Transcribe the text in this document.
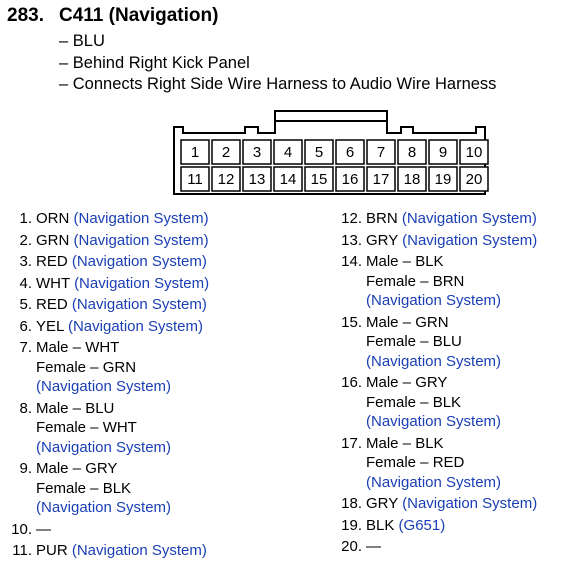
283. C411 (Navigation)
– BLU
– Behind Right Kick Panel
– Connects Right Side Wire Harness to Audio Wire Harness
1 2 3 4 5 6 7 8 9 10
11 12 13 14 15 16 17 18 19 20
1. ORN (Navigation System)
2. GRN (Navigation System)
3. RED (Navigation System)
4. WHT (Navigation System)
5. RED (Navigation System)
6. YEL (Navigation System)
7. Male – WHT
Female – GRN
(Navigation System)
8. Male – BLU
Female – WHT
(Navigation System)
9. Male – GRY
Female – BLK
(Navigation System)
10. —
11. PUR (Navigation System)
12. BRN (Navigation System)
13. GRY (Navigation System)
14. Male – BLK
Female – BRN
(Navigation System)
15. Male – GRN
Female – BLU
(Navigation System)
16. Male – GRY
Female – BLK
(Navigation System)
17. Male – BLK
Female – RED
(Navigation System)
18. GRY (Navigation System)
19. BLK (G651)
20. —
